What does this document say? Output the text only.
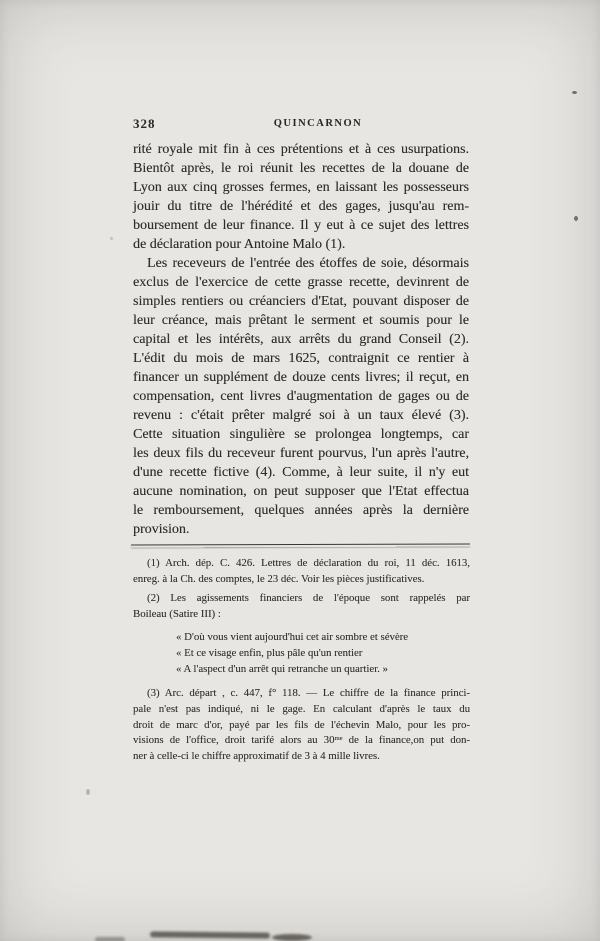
328	QUINCARNON
rité royale mit fin à ces prétentions et à ces usurpations.
Bientôt après, le roi réunit les recettes de la douane de
Lyon aux cinq grosses fermes, en laissant les possesseurs
jouir du titre de l'hérédité et des gages, jusqu'au rem-
boursement de leur finance. Il y eut à ce sujet des lettres
de déclaration pour Antoine Malo (1).
Les receveurs de l'entrée des étoffes de soie, désormais
exclus de l'exercice de cette grasse recette, devinrent de
simples rentiers ou créanciers d'Etat, pouvant disposer de
leur créance, mais prêtant le serment et soumis pour le
capital et les intérêts, aux arrêts du grand Conseil (2).
L'édit du mois de mars 1625, contraignit ce rentier à
financer un supplément de douze cents livres; il reçut, en
compensation, cent livres d'augmentation de gages ou de
revenu : c'était prêter malgré soi à un taux élevé (3).
Cette situation singulière se prolongea longtemps, car
les deux fils du receveur furent pourvus, l'un après l'autre,
d'une recette fictive (4). Comme, à leur suite, il n'y eut
aucune nomination, on peut supposer que l'Etat effectua
le remboursement, quelques années après la dernière
provision.
(1) Arch. dép. C. 426. Lettres de déclaration du roi, 11 déc. 1613,
enreg. à la Ch. des comptes, le 23 déc. Voir les pièces justificatives.
(2) Les agissements financiers de l'époque sont rappelés par
Boileau (Satire III) :
« D'où vous vient aujourd'hui cet air sombre et sévère
« Et ce visage enfin, plus pâle qu'un rentier
« A l'aspect d'un arrêt qui retranche un quartier. »
(3) Arc. départ , c. 447, f° 118. — Le chiffre de la finance princi-
pale n'est pas indiqué, ni le gage. En calculant d'après le taux du
droit de marc d'or, payé par les fils de l'échevin Malo, pour les pro-
visions de l'office, droit tarifé alors au 30ᵐᵉ de la finance,on put don-
ner à celle-ci le chiffre approximatif de 3 à 4 mille livres.
